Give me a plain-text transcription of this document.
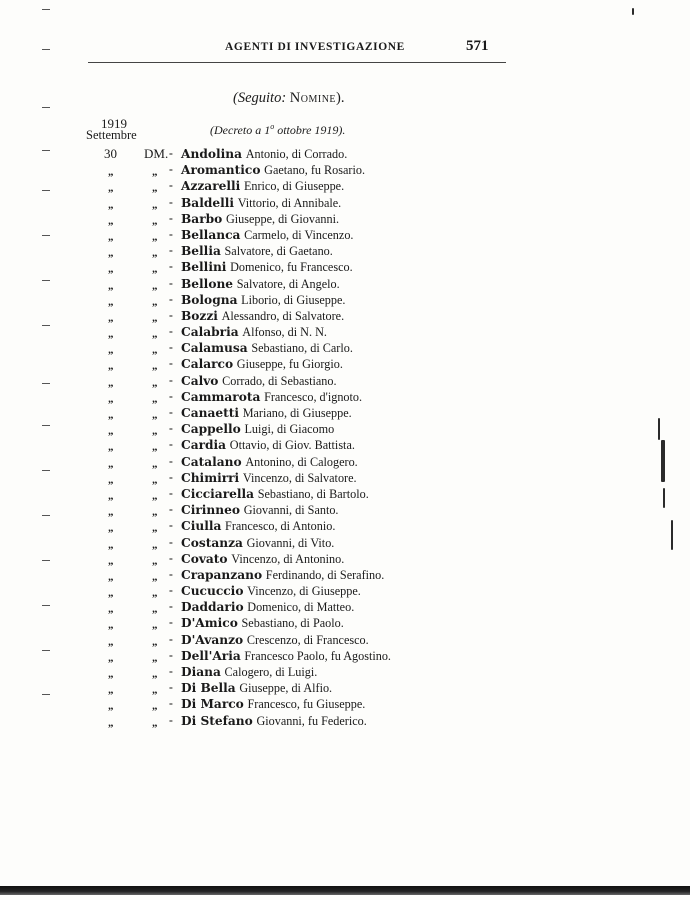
AGENTI DI INVESTIGAZIONE	571
(Seguito: Nomine).
1919
Settembre	(Decreto a 1$^o$ ottobre 1919).
30 DM. - Andolina Antonio, di Corrado.
„	„ - Aromantico Gaetano, fu Rosario.
„	„ - Azzarelli Enrico, di Giuseppe.
„	„ - Baldelli Vittorio, di Annibale.
„	„ - Barbo Giuseppe, di Giovanni.
„	„ - Bellanca Carmelo, di Vincenzo.
„	„ - Bellia Salvatore, di Gaetano.
„	„ - Bellini Domenico, fu Francesco.
„	„ - Bellone Salvatore, di Angelo.
„	„ - Bologna Liborio, di Giuseppe.
„	„ - Bozzi Alessandro, di Salvatore.
„	„ - Calabria Alfonso, di N. N.
„	„ - Calamusa Sebastiano, di Carlo.
„	„ - Calarco Giuseppe, fu Giorgio.
„	„ - Calvo Corrado, di Sebastiano.
„	„ - Cammarota Francesco, d'ignoto.
„	„ - Canaetti Mariano, di Giuseppe.
„	„ - Cappello Luigi, di Giacomo
„	„ - Cardia Ottavio, di Giov. Battista.
„	„ - Catalano Antonino, di Calogero.
„	„ - Chimirri Vincenzo, di Salvatore.
„	„ - Cicciarella Sebastiano, di Bartolo.
„	„ - Cirinneo Giovanni, di Santo.
„	„ - Ciulla Francesco, di Antonio.
„	„ - Costanza Giovanni, di Vito.
„	„ - Covato Vincenzo, di Antonino.
„	„ - Crapanzano Ferdinando, di Serafino.
„	„ - Cucuccio Vincenzo, di Giuseppe.
„	„ - Daddario Domenico, di Matteo.
„	„ - D'Amico Sebastiano, di Paolo.
„	„ - D'Avanzo Crescenzo, di Francesco.
„	„ - Dell'Aria Francesco Paolo, fu Agostino.
„	„ - Diana Calogero, di Luigi.
„	„ - Di Bella Giuseppe, di Alfio.
„	„ - Di Marco Francesco, fu Giuseppe.
„	„ - Di Stefano Giovanni, fu Federico.
